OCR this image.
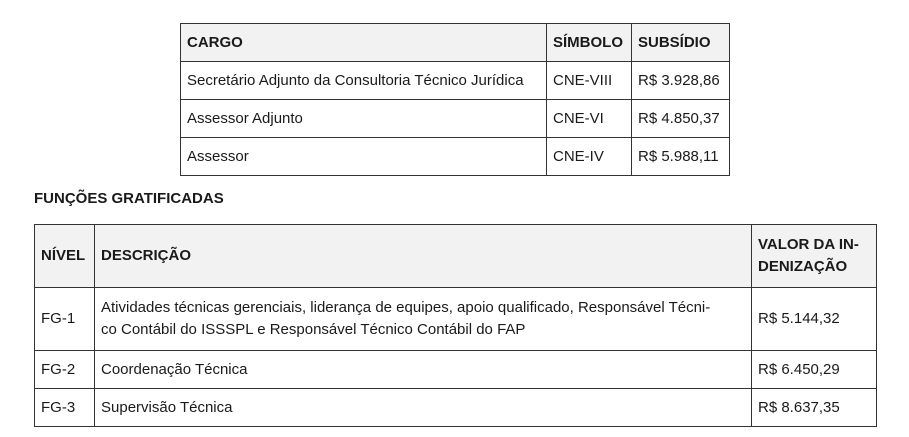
CARGO	SÍMBOLO	SUBSÍDIO
Secretário Adjunto da Consultoria Técnico Jurídica	CNE-VIII	R$ 3.928,86
Assessor Adjunto	CNE-VI	R$ 4.850,37
Assessor	CNE-IV	R$ 5.988,11
FUNÇÕES GRATIFICADAS
NÍVEL	DESCRIÇÃO	VALOR DA IN-
DENIZAÇÃO
FG-1	Atividades técnicas gerenciais, liderança de equipes, apoio qualificado, Responsável Técni-
co Contábil do ISSSPL e Responsável Técnico Contábil do FAP	R$ 5.144,32
FG-2	Coordenação Técnica	R$ 6.450,29
FG-3	Supervisão Técnica	R$ 8.637,35
